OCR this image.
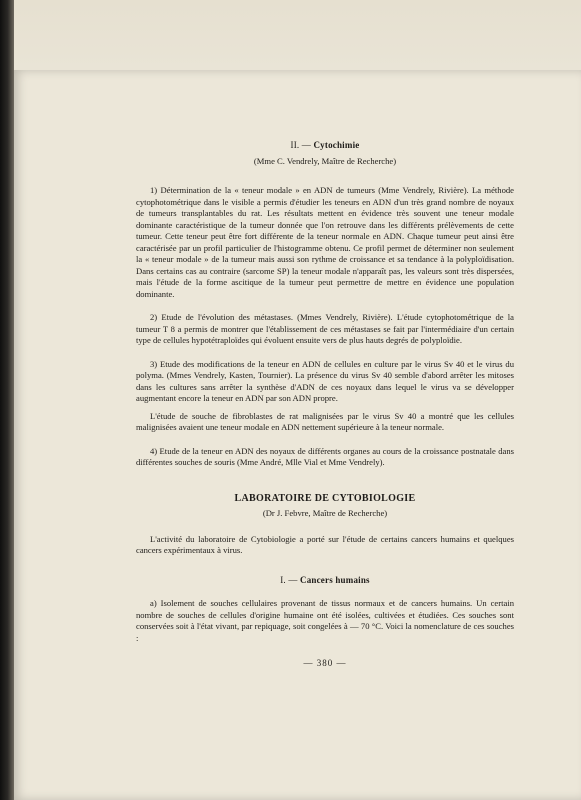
II. — Cytochimie
(Mme C. Vendrely, Maître de Recherche)

1) Détermination de la « teneur modale » en ADN de tumeurs (Mme Vendrely, Rivière). La méthode cytophotométrique dans le visible a permis d'étudier les teneurs en ADN d'un très grand nombre de noyaux de tumeurs transplantables du rat. Les résultats mettent en évidence très souvent une teneur modale dominante caractéristique de la tumeur donnée que l'on retrouve dans les différents prélèvements de cette tumeur. Cette teneur peut être fort différente de la teneur normale en ADN. Chaque tumeur peut ainsi être caractérisée par un profil particulier de l'histogramme obtenu. Ce profil permet de déterminer non seulement la « teneur modale » de la tumeur mais aussi son rythme de croissance et sa tendance à la polyploïdisation. Dans certains cas au contraire (sarcome SP) la teneur modale n'apparaît pas, les valeurs sont très dispersées, mais l'étude de la forme ascitique de la tumeur peut permettre de mettre en évidence une population dominante.

2) Etude de l'évolution des métastases. (Mmes Vendrely, Rivière). L'étude cytophotométrique de la tumeur T 8 a permis de montrer que l'établissement de ces métastases se fait par l'intermédiaire d'un certain type de cellules hypotétraploïdes qui évoluent ensuite vers de plus hauts degrés de polyploïdie.

3) Etude des modifications de la teneur en ADN de cellules en culture par le virus Sv 40 et le virus du polyma. (Mmes Vendrely, Kasten, Tournier). La présence du virus Sv 40 semble d'abord arrêter les mitoses dans les cultures sans arrêter la synthèse d'ADN de ces noyaux dans lequel le virus va se développer augmentant encore la teneur en ADN par son ADN propre.

L'étude de souche de fibroblastes de rat malignisées par le virus Sv 40 a montré que les cellules malignisées avaient une teneur modale en ADN nettement supérieure à la teneur normale.

4) Etude de la teneur en ADN des noyaux de différents organes au cours de la croissance postnatale dans différentes souches de souris (Mme André, Mlle Vial et Mme Vendrely).

LABORATOIRE DE CYTOBIOLOGIE
(Dr J. Febvre, Maître de Recherche)

L'activité du laboratoire de Cytobiologie a porté sur l'étude de certains cancers humains et quelques cancers expérimentaux à virus.

I. — Cancers humains

a) Isolement de souches cellulaires provenant de tissus normaux et de cancers humains. Un certain nombre de souches de cellules d'origine humaine ont été isolées, cultivées et étudiées. Ces souches sont conservées soit à l'état vivant, par repiquage, soit congelées à — 70 °C. Voici la nomenclature de ces souches :

— 380 —
